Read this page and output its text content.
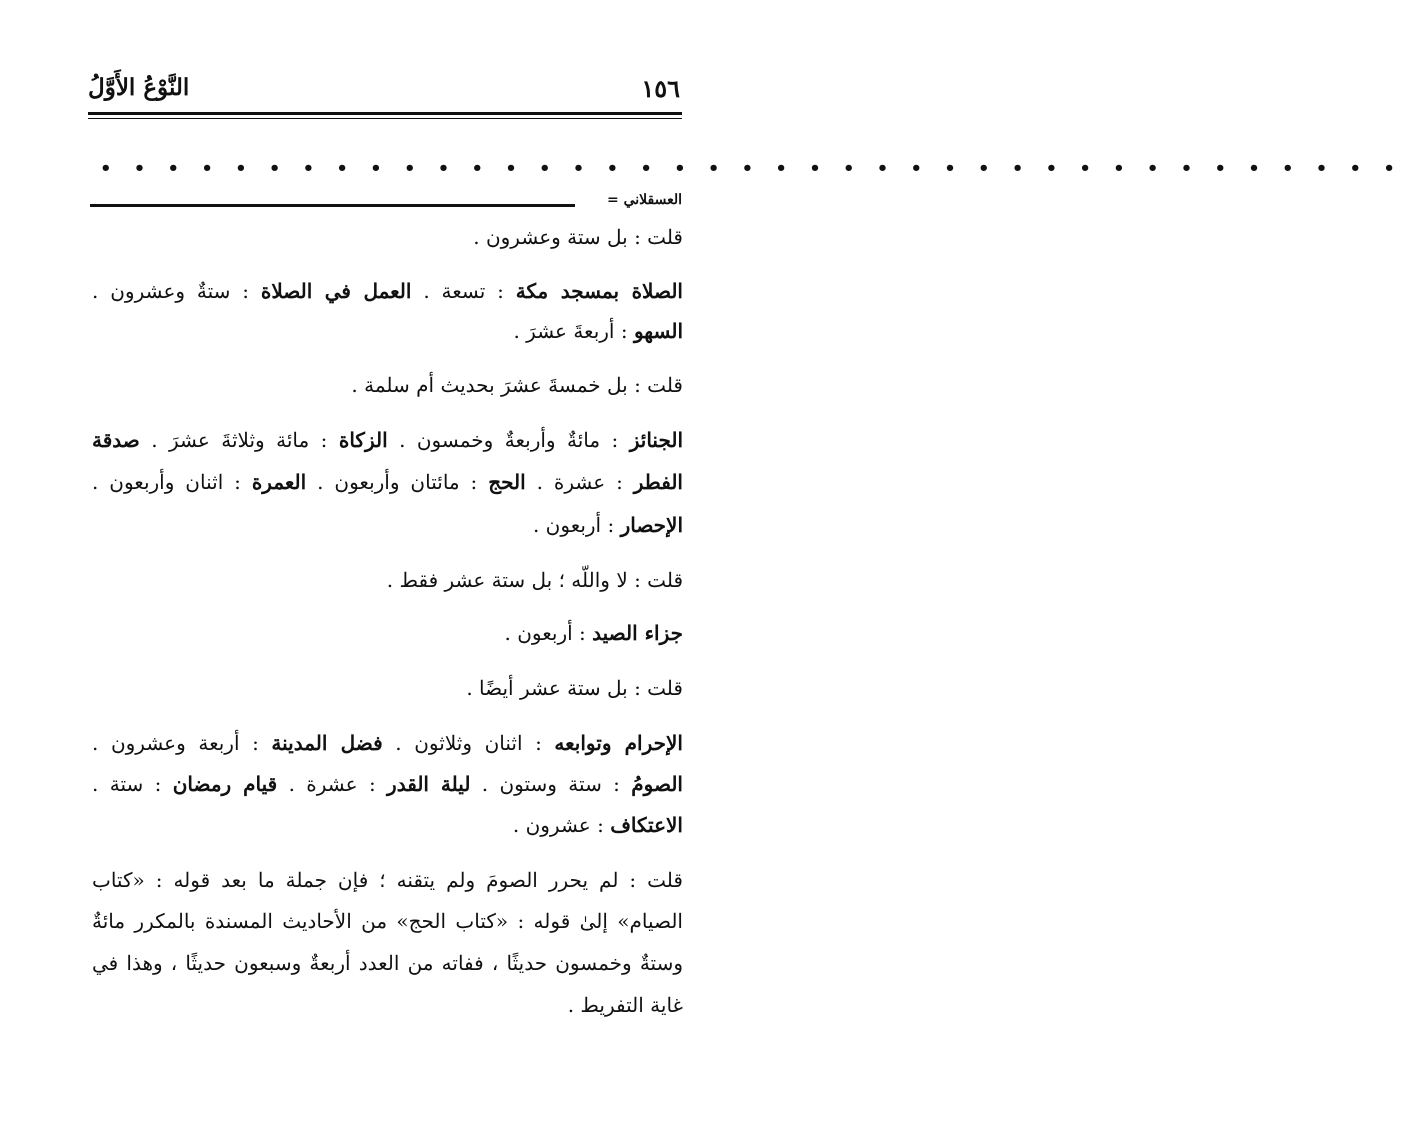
١٥٦
النَّوْعُ الأَوَّلُ
• • • • • • • • • • • • • • • • • • • • • • • • • • • • • • • • • • • • • • •
العسقلاني =
قلت : بل ستة وعشرون .
الصلاة بمسجد مكة : تسعة . العمل في الصلاة : ستةٌ وعشرون .
السهو : أربعةَ عشرَ .
قلت : بل خمسةَ عشرَ بحديث أم سلمة .
الجنائز : مائةٌ وأربعةٌ وخمسون . الزكاة : مائة وثلاثةَ عشرَ . صدقة
الفطر : عشرة . الحج : مائتان وأربعون . العمرة : اثنان وأربعون .
الإحصار : أربعون .
قلت : لا واللّه ؛ بل ستة عشر فقط .
جزاء الصيد : أربعون .
قلت : بل ستة عشر أيضًا .
الإحرام وتوابعه : اثنان وثلاثون . فضل المدينة : أربعة وعشرون .
الصومُ : ستة وستون . ليلة القدر : عشرة . قيام رمضان : ستة .
الاعتكاف : عشرون .
قلت : لم يحرر الصومَ ولم يتقنه ؛ فإن جملة ما بعد قوله : «كتاب
الصيام» إلىٰ قوله : «كتاب الحج» من الأحاديث المسندة بالمكرر مائةٌ
وستةٌ وخمسون حديثًا ، ففاته من العدد أربعةٌ وسبعون حديثًا ، وهذا في
غاية التفريط .
